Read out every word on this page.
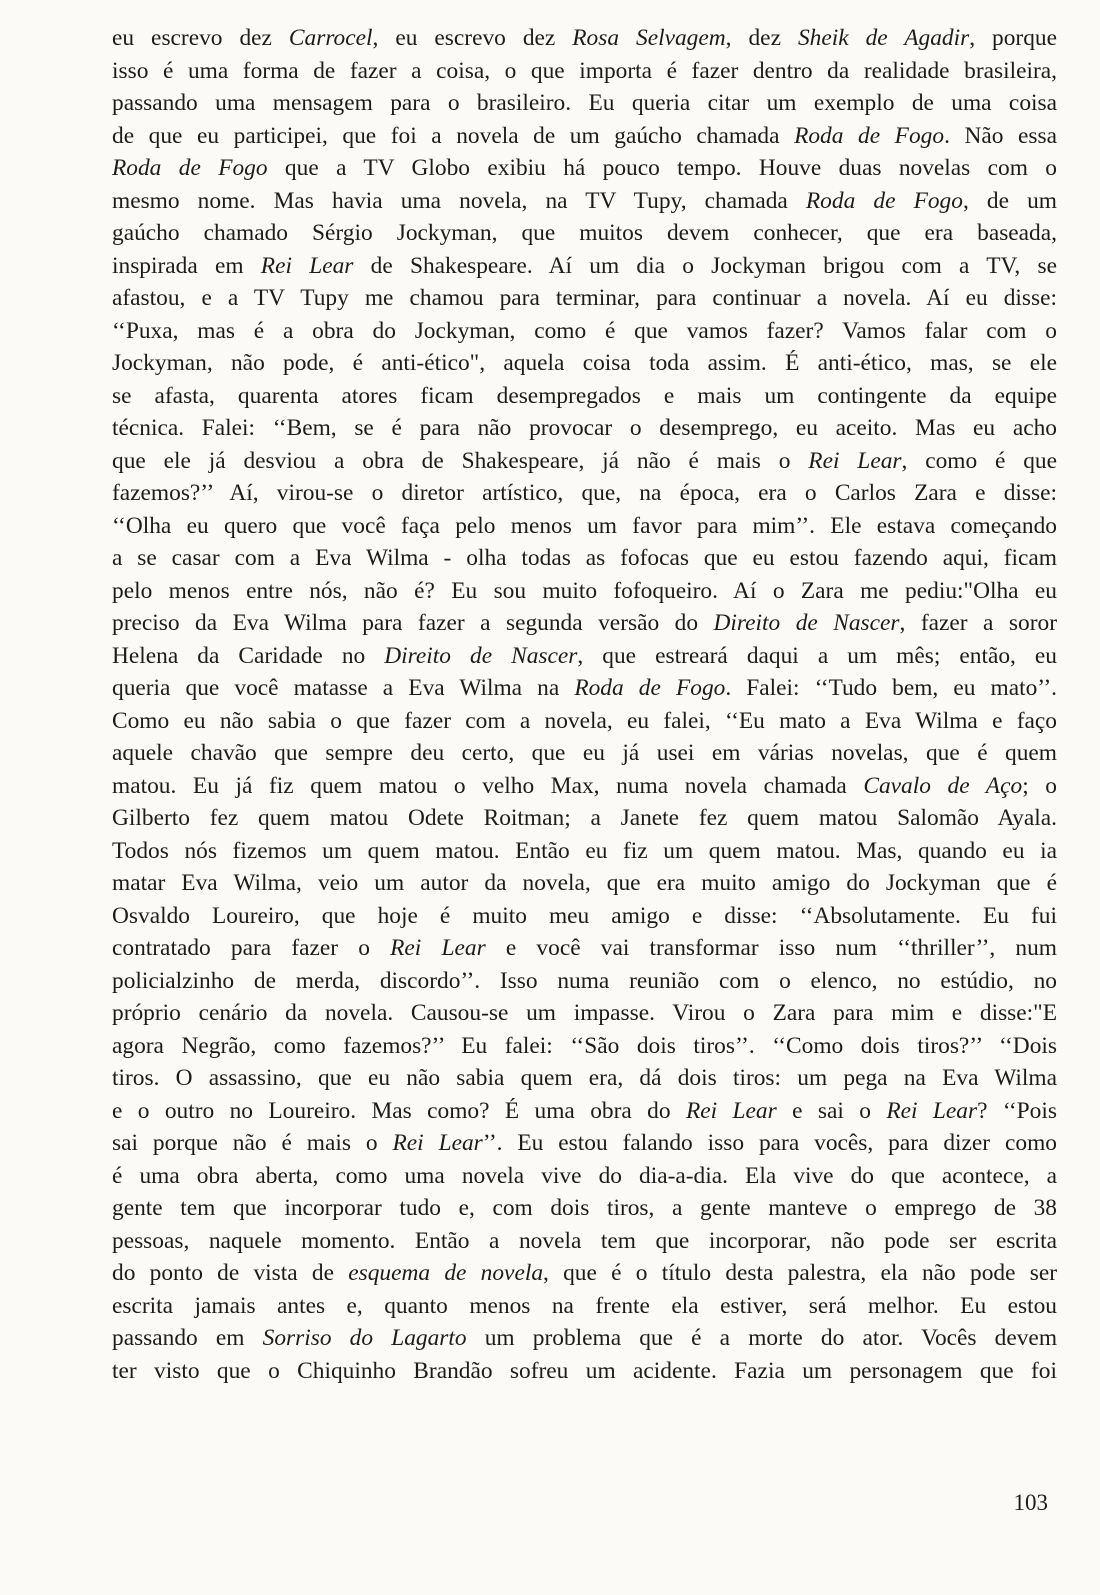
eu escrevo dez Carrocel, eu escrevo dez Rosa Selvagem, dez Sheik de Agadir, porque
isso é uma forma de fazer a coisa, o que importa é fazer dentro da realidade brasileira,
passando uma mensagem para o brasileiro. Eu queria citar um exemplo de uma coisa
de que eu participei, que foi a novela de um gaúcho chamada Roda de Fogo. Não essa
Roda de Fogo que a TV Globo exibiu há pouco tempo. Houve duas novelas com o
mesmo nome. Mas havia uma novela, na TV Tupy, chamada Roda de Fogo, de um
gaúcho chamado Sérgio Jockyman, que muitos devem conhecer, que era baseada,
inspirada em Rei Lear de Shakespeare. Aí um dia o Jockyman brigou com a TV, se
afastou, e a TV Tupy me chamou para terminar, para continuar a novela. Aí eu disse:
‘‘Puxa, mas é a obra do Jockyman, como é que vamos fazer? Vamos falar com o
Jockyman, não pode, é anti-ético", aquela coisa toda assim. É anti-ético, mas, se ele
se afasta, quarenta atores ficam desempregados e mais um contingente da equipe
técnica. Falei: ‘‘Bem, se é para não provocar o desemprego, eu aceito. Mas eu acho
que ele já desviou a obra de Shakespeare, já não é mais o Rei Lear, como é que
fazemos?’’ Aí, virou-se o diretor artístico, que, na época, era o Carlos Zara e disse:
‘‘Olha eu quero que você faça pelo menos um favor para mim’’. Ele estava começando
a se casar com a Eva Wilma - olha todas as fofocas que eu estou fazendo aqui, ficam
pelo menos entre nós, não é? Eu sou muito fofoqueiro. Aí o Zara me pediu:"Olha eu
preciso da Eva Wilma para fazer a segunda versão do Direito de Nascer, fazer a soror
Helena da Caridade no Direito de Nascer, que estreará daqui a um mês; então, eu
queria que você matasse a Eva Wilma na Roda de Fogo. Falei: ‘‘Tudo bem, eu mato’’.
Como eu não sabia o que fazer com a novela, eu falei, ‘‘Eu mato a Eva Wilma e faço
aquele chavão que sempre deu certo, que eu já usei em várias novelas, que é quem
matou. Eu já fiz quem matou o velho Max, numa novela chamada Cavalo de Aço; o
Gilberto fez quem matou Odete Roitman; a Janete fez quem matou Salomão Ayala.
Todos nós fizemos um quem matou. Então eu fiz um quem matou. Mas, quando eu ia
matar Eva Wilma, veio um autor da novela, que era muito amigo do Jockyman que é
Osvaldo Loureiro, que hoje é muito meu amigo e disse: ‘‘Absolutamente. Eu fui
contratado para fazer o Rei Lear e você vai transformar isso num ‘‘thriller’’, num
policialzinho de merda, discordo’’. Isso numa reunião com o elenco, no estúdio, no
próprio cenário da novela. Causou-se um impasse. Virou o Zara para mim e disse:"E
agora Negrão, como fazemos?’’ Eu falei: ‘‘São dois tiros’’. ‘‘Como dois tiros?’’ ‘‘Dois
tiros. O assassino, que eu não sabia quem era, dá dois tiros: um pega na Eva Wilma
e o outro no Loureiro. Mas como? É uma obra do Rei Lear e sai o Rei Lear? ‘‘Pois
sai porque não é mais o Rei Lear’’. Eu estou falando isso para vocês, para dizer como
é uma obra aberta, como uma novela vive do dia-a-dia. Ela vive do que acontece, a
gente tem que incorporar tudo e, com dois tiros, a gente manteve o emprego de 38
pessoas, naquele momento. Então a novela tem que incorporar, não pode ser escrita
do ponto de vista de esquema de novela, que é o título desta palestra, ela não pode ser
escrita jamais antes e, quanto menos na frente ela estiver, será melhor. Eu estou
passando em Sorriso do Lagarto um problema que é a morte do ator. Vocês devem
ter visto que o Chiquinho Brandão sofreu um acidente. Fazia um personagem que foi
103
